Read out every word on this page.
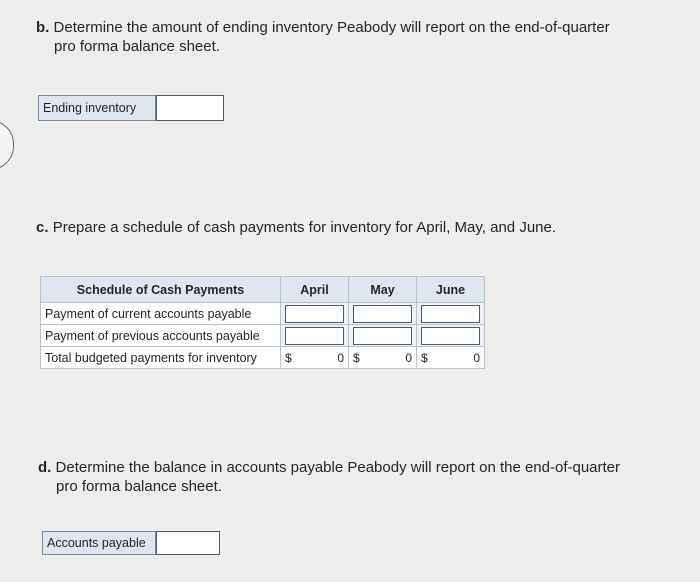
b. Determine the amount of ending inventory Peabody will report on the end-of-quarter
pro forma balance sheet.
Ending inventory
c. Prepare a schedule of cash payments for inventory for April, May, and June.
Schedule of Cash Payments	April	May	June
Payment of current accounts payable			
Payment of previous accounts payable			
Total budgeted payments for inventory	$ 0	$ 0	$ 0
d. Determine the balance in accounts payable Peabody will report on the end-of-quarter
pro forma balance sheet.
Accounts payable
